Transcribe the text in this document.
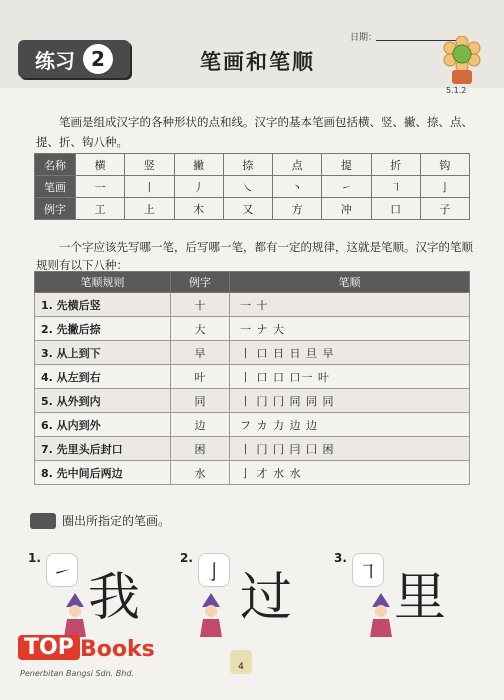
练习 2
日期：
笔画和笔顺
5.1.2

笔画是组成汉字的各种形状的点和线。汉字的基本笔画包括横、竖、撇、捺、点、提、折、钩八种。

名称	横	竖	撇	捺	点	提	折	钩
笔画	一	丨	丿	㇏	丶	㇀	㇕	亅
例字	工	上	木	又	方	冲	口	子

一个字应该先写哪一笔，后写哪一笔，都有一定的规律，这就是笔顺。汉字的笔顺规则有以下八种：

笔顺规则	例字	笔顺
1. 先横后竖	十	一 十
2. 先撇后捺	大	一 ナ 大
3. 从上到下	早	丨 口 日 日 旦 早
4. 从左到右	叶	丨 口 口 口一 叶
5. 从外到内	同	丨 冂 冂 同 同 同
6. 从内到外	边	フ カ 力 边 边
7. 先里头后封口	困	丨 冂 冂 冃 囗 困
8. 先中间后两边	水	亅 才 水 水
圈出所指定的笔画。
1.
㇀ 我
2.
亅 过
3.
㇕ 里
TOP Books
Penerbitan Bangsi Sdn. Bhd.
4
